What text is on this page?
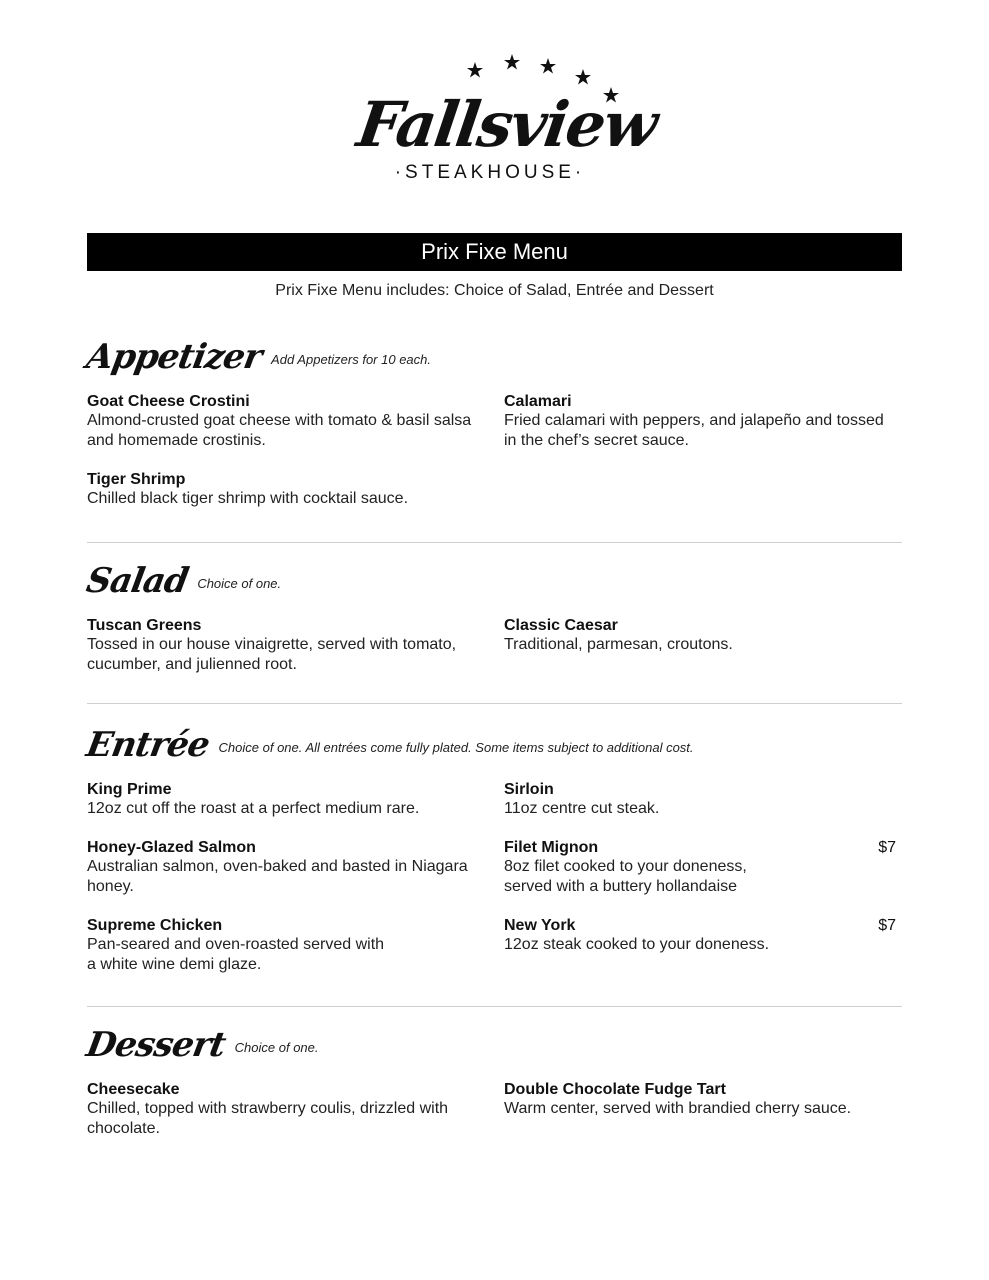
Fallsview
·STEAKHOUSE·
Prix Fixe Menu
Prix Fixe Menu includes: Choice of Salad, Entrée and Dessert
Appetizer Add Appetizers for 10 each.
Goat Cheese Crostini
Almond-crusted goat cheese with tomato & basil salsa and homemade crostinis.
Calamari
Fried calamari with peppers, and jalapeño and tossed in the chef’s secret sauce.
Tiger Shrimp
Chilled black tiger shrimp with cocktail sauce.
Salad Choice of one.
Tuscan Greens
Tossed in our house vinaigrette, served with tomato, cucumber, and julienned root.
Classic Caesar
Traditional, parmesan, croutons.
Entrée Choice of one. All entrées come fully plated. Some items subject to additional cost.
King Prime
12oz cut off the roast at a perfect medium rare.
Sirloin
11oz centre cut steak.
Honey-Glazed Salmon
Australian salmon, oven-baked and basted in Niagara honey.
Filet Mignon
8oz filet cooked to your doneness, served with a buttery hollandaise
$7
Supreme Chicken
Pan-seared and oven-roasted served with a white wine demi glaze.
New York
12oz steak cooked to your doneness.
$7
Dessert Choice of one.
Cheesecake
Chilled, topped with strawberry coulis, drizzled with chocolate.
Double Chocolate Fudge Tart
Warm center, served with brandied cherry sauce.
